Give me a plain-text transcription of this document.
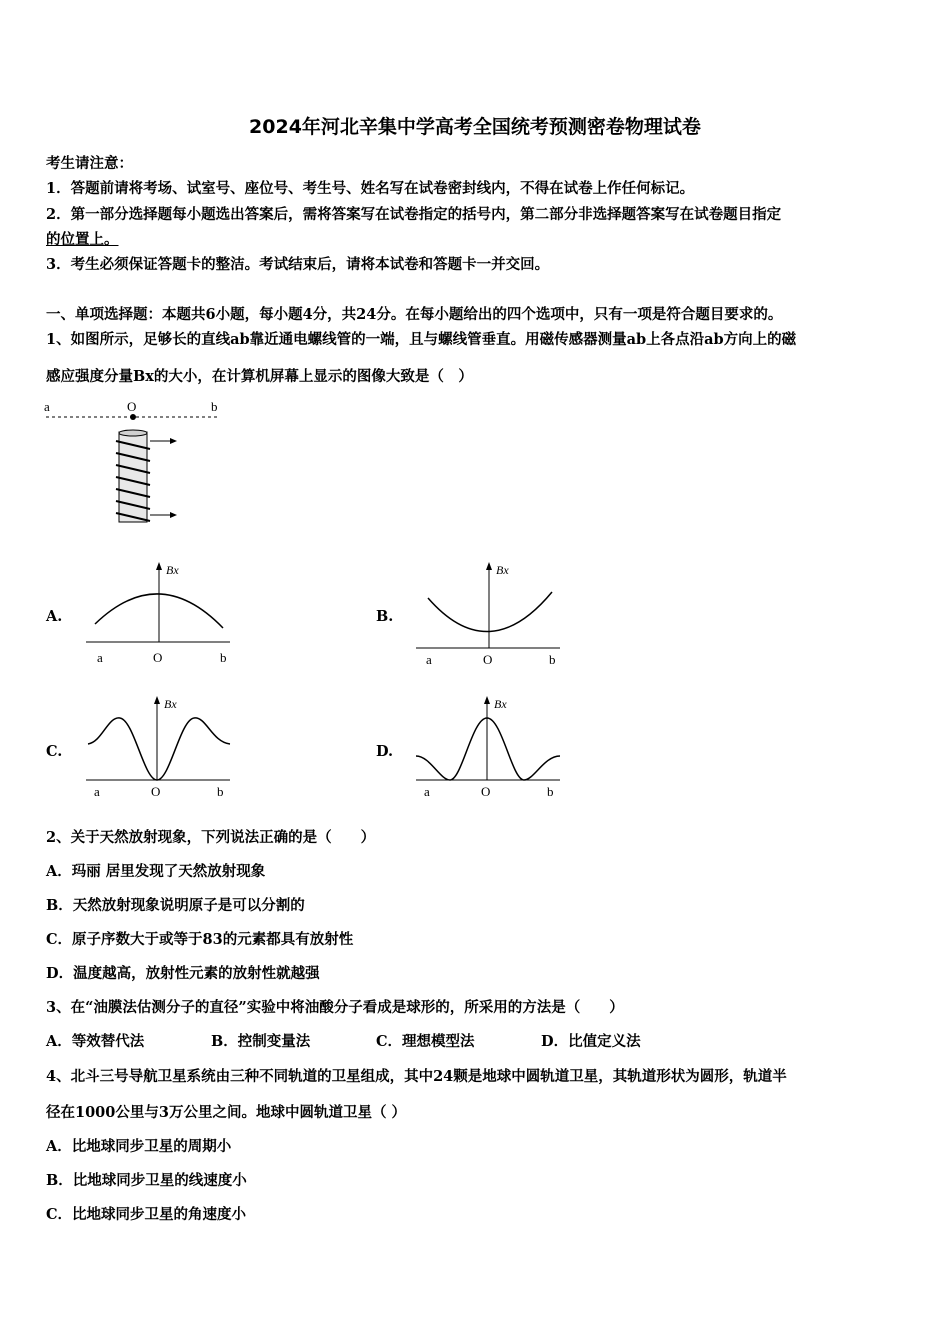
2024年河北辛集中学高考全国统考预测密卷物理试卷
考生请注意：
1．答题前请将考场、试室号、座位号、考生号、姓名写在试卷密封线内，不得在试卷上作任何标记。
2．第一部分选择题每小题选出答案后，需将答案写在试卷指定的括号内，第二部分非选择题答案写在试卷题目指定
的位置上。
3．考生必须保证答题卡的整洁。考试结束后，请将本试卷和答题卡一并交回。
一、单项选择题：本题共6小题，每小题4分，共24分。在每小题给出的四个选项中，只有一项是符合题目要求的。
1、如图所示，足够长的直线ab靠近通电螺线管的一端，且与螺线管垂直。用磁传感器测量ab上各点沿ab方向上的磁
感应强度分量Bx的大小，在计算机屏幕上显示的图像大致是（　）
a	O	b
A.
Bx
a	O	b
B.
Bx
a	O	b
C.
Bx
a	O	b
D.
Bx
a	O	b
2、关于天然放射现象，下列说法正确的是（　　）
A．玛丽 居里发现了天然放射现象
B．天然放射现象说明原子是可以分割的
C．原子序数大于或等于83的元素都具有放射性
D．温度越高，放射性元素的放射性就越强
3、在“油膜法估测分子的直径”实验中将油酸分子看成是球形的，所采用的方法是（　　）
A．等效替代法	B．控制变量法	C．理想模型法	D．比值定义法
4、北斗三号导航卫星系统由三种不同轨道的卫星组成，其中24颗是地球中圆轨道卫星，其轨道形状为圆形，轨道半
径在1000公里与3万公里之间。地球中圆轨道卫星（ ）
A．比地球同步卫星的周期小
B．比地球同步卫星的线速度小
C．比地球同步卫星的角速度小
